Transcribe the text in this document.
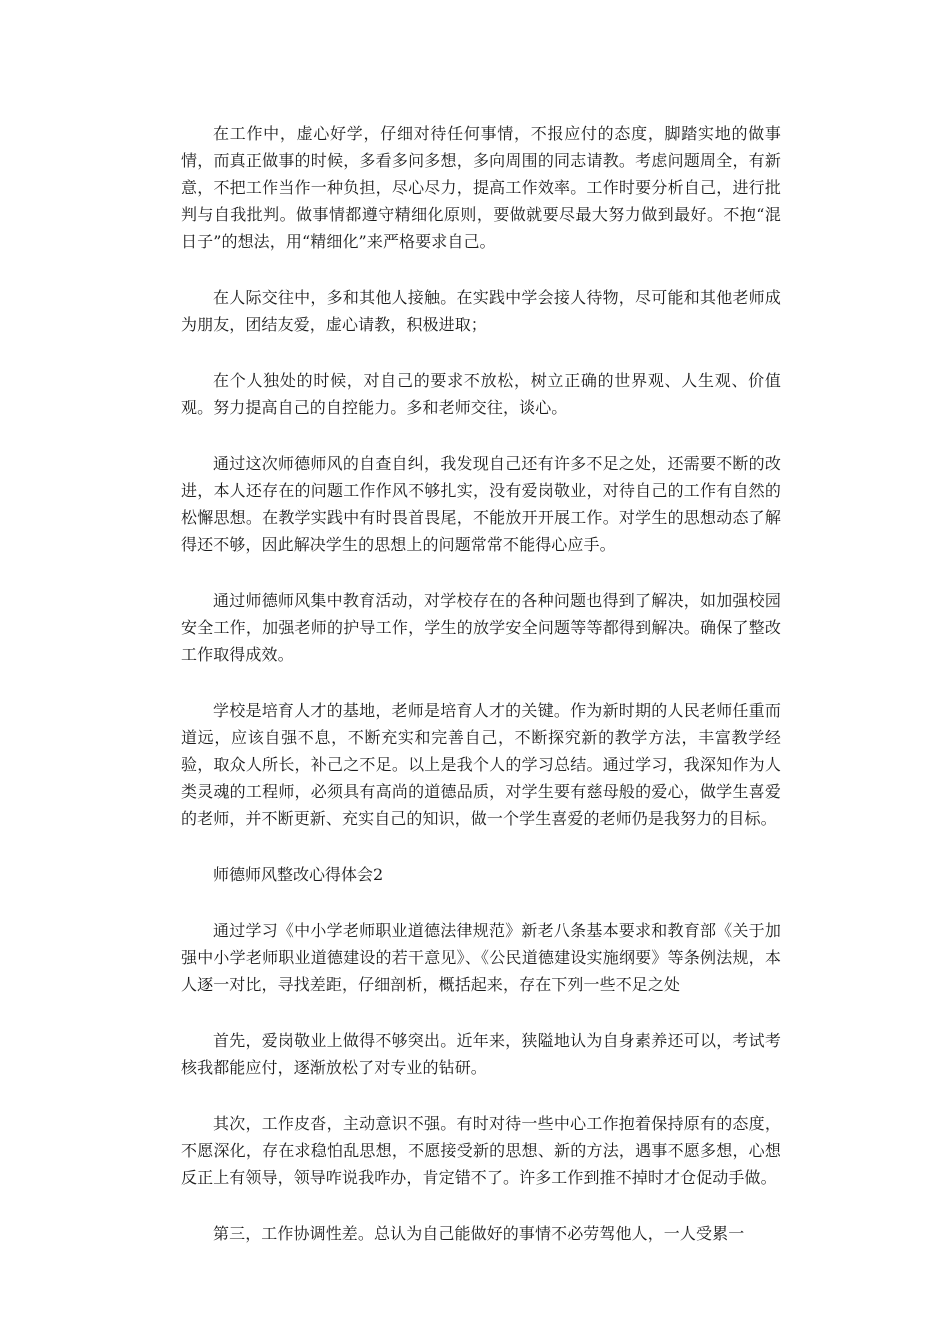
在工作中，虚心好学，仔细对待任何事情，不报应付的态度，脚踏实地的做事情，而真正做事的时候，多看多问多想，多向周围的同志请教。考虑问题周全，有新意，不把工作当作一种负担，尽心尽力，提高工作效率。工作时要分析自己，进行批判与自我批判。做事情都遵守精细化原则，要做就要尽最大努力做到最好。不抱“混日子”的想法，用“精细化”来严格要求自己。

在人际交往中，多和其他人接触。在实践中学会接人待物，尽可能和其他老师成为朋友，团结友爱，虚心请教，积极进取；

在个人独处的时候，对自己的要求不放松，树立正确的世界观、人生观、价值观。努力提高自己的自控能力。多和老师交往，谈心。

通过这次师德师风的自查自纠，我发现自己还有许多不足之处，还需要不断的改进，本人还存在的问题工作作风不够扎实，没有爱岗敬业，对待自己的工作有自然的松懈思想。在教学实践中有时畏首畏尾，不能放开开展工作。对学生的思想动态了解得还不够，因此解决学生的思想上的问题常常不能得心应手。

通过师德师风集中教育活动，对学校存在的各种问题也得到了解决，如加强校园安全工作，加强老师的护导工作，学生的放学安全问题等等都得到解决。确保了整改工作取得成效。

学校是培育人才的基地，老师是培育人才的关键。作为新时期的人民老师任重而道远，应该自强不息，不断充实和完善自己，不断探究新的教学方法，丰富教学经验，取众人所长，补己之不足。以上是我个人的学习总结。通过学习，我深知作为人类灵魂的工程师，必须具有高尚的道德品质，对学生要有慈母般的爱心，做学生喜爱的老师，并不断更新、充实自己的知识，做一个学生喜爱的老师仍是我努力的目标。

师德师风整改心得体会2

通过学习《中小学老师职业道德法律规范》新老八条基本要求和教育部《关于加强中小学老师职业道德建设的若干意见》、《公民道德建设实施纲要》等条例法规，本人逐一对比，寻找差距，仔细剖析，概括起来，存在下列一些不足之处

首先，爱岗敬业上做得不够突出。近年来，狭隘地认为自身素养还可以，考试考核我都能应付，逐渐放松了对专业的钻研。

其次，工作皮沓，主动意识不强。有时对待一些中心工作抱着保持原有的态度，不愿深化，存在求稳怕乱思想，不愿接受新的思想、新的方法，遇事不愿多想，心想反正上有领导，领导咋说我咋办，肯定错不了。许多工作到推不掉时才仓促动手做。

第三，工作协调性差。总认为自己能做好的事情不必劳驾他人，一人受累一
